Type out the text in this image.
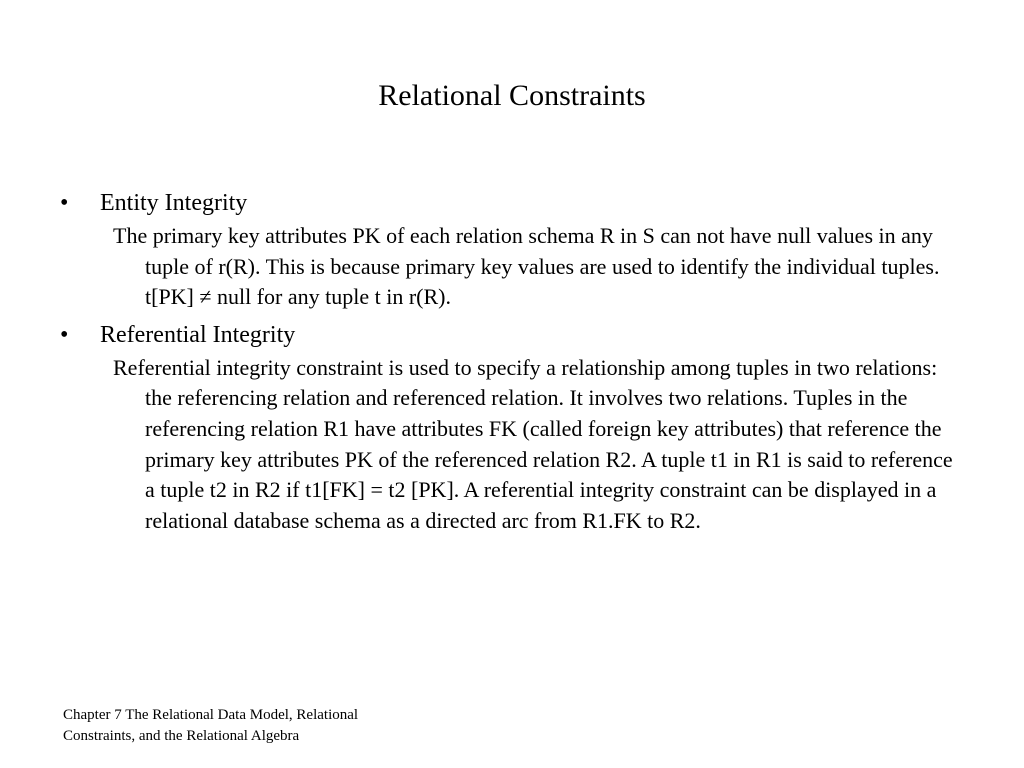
Relational Constraints
•	Entity Integrity
The primary key attributes PK of each relation schema R in S can not have null values in any tuple of r(R). This is because primary key values are used to identify the individual tuples. t[PK] ≠ null for any tuple t in r(R).
•	Referential Integrity
Referential integrity constraint is used to specify a relationship among tuples in two relations: the referencing relation and referenced relation. It involves two relations. Tuples in the referencing relation R1 have attributes FK (called foreign key attributes) that reference the primary key attributes PK of the referenced relation R2. A tuple t1 in R1 is said to reference a tuple t2 in R2 if t1[FK] = t2 [PK]. A referential integrity constraint can be displayed in a relational database schema as a directed arc from R1.FK to R2.
Chapter 7 The Relational Data Model, Relational
Constraints, and the Relational Algebra
